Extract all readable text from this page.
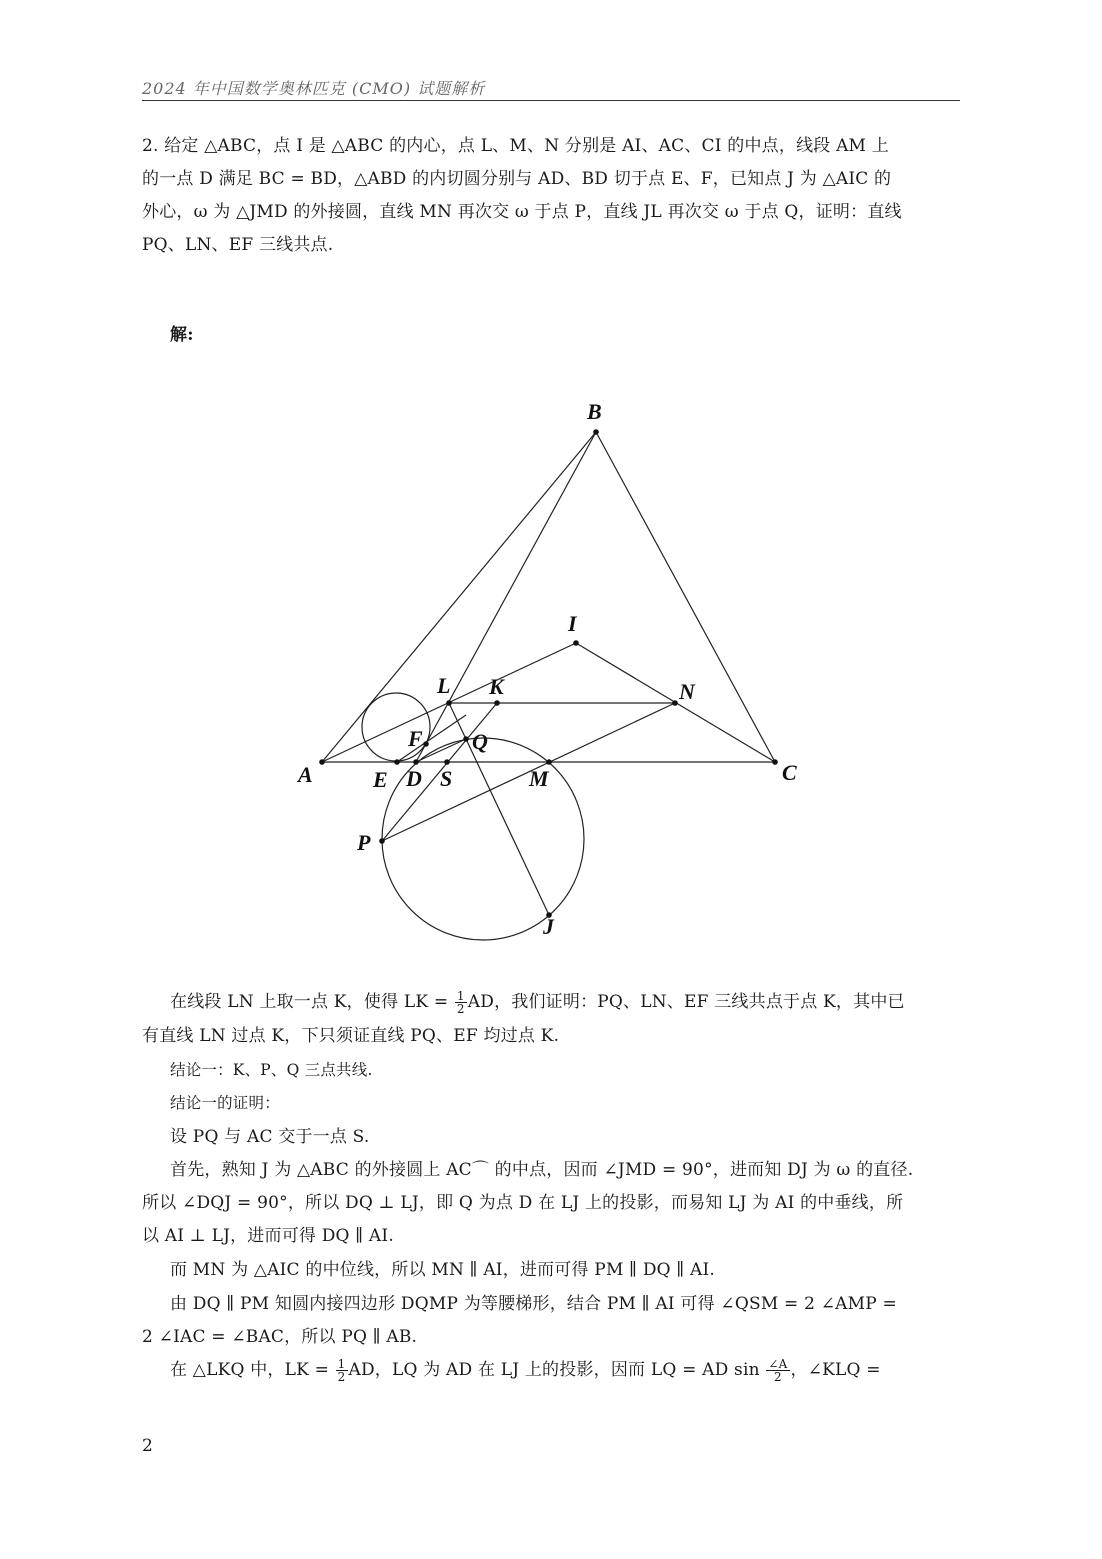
2024 年中国数学奥林匹克 (CMO) 试题解析
2. 给定 △ABC，点 I 是 △ABC 的内心，点 L、M、N 分别是 AI、AC、CI 的中点，线段 AM 上
的一点 D 满足 BC = BD，△ABD 的内切圆分别与 AD、BD 切于点 E、F，已知点 J 为 △AIC 的
外心，ω 为 △JMD 的外接圆，直线 MN 再次交 ω 于点 P，直线 JL 再次交 ω 于点 Q，证明：直线
PQ、LN、EF 三线共点.
解:
B
I
L K	N
F Q
A	E D S	M	C
P
J
在线段 LN 上取一点 K，使得 LK = $\frac{1}{2}$ AD，我们证明：PQ、LN、EF 三线共点于点 K，其中已
有直线 LN 过点 K，下只须证直线 PQ、EF 均过点 K.
结论一：K、P、Q 三点共线.
结论一的证明：
设 PQ 与 AC 交于一点 S.
首先，熟知 J 为 △ABC 的外接圆上 AC⌒ 的中点，因而 ∠JMD = 90°，进而知 DJ 为 ω 的直径.
所以 ∠DQJ = 90°，所以 DQ ⊥ LJ，即 Q 为点 D 在 LJ 上的投影，而易知 LJ 为 AI 的中垂线，所
以 AI ⊥ LJ，进而可得 DQ ∥ AI.
而 MN 为 △AIC 的中位线，所以 MN ∥ AI，进而可得 PM ∥ DQ ∥ AI.
由 DQ ∥ PM 知圆内接四边形 DQMP 为等腰梯形，结合 PM ∥ AI 可得 ∠QSM = 2 ∠AMP =
2 ∠IAC = ∠BAC，所以 PQ ∥ AB.
在 △LKQ 中，LK = $\frac{1}{2}$ AD，LQ 为 AD 在 LJ 上的投影，因而 LQ = AD $\sin \frac{\angle A}{2}$ ，∠KLQ =
2
